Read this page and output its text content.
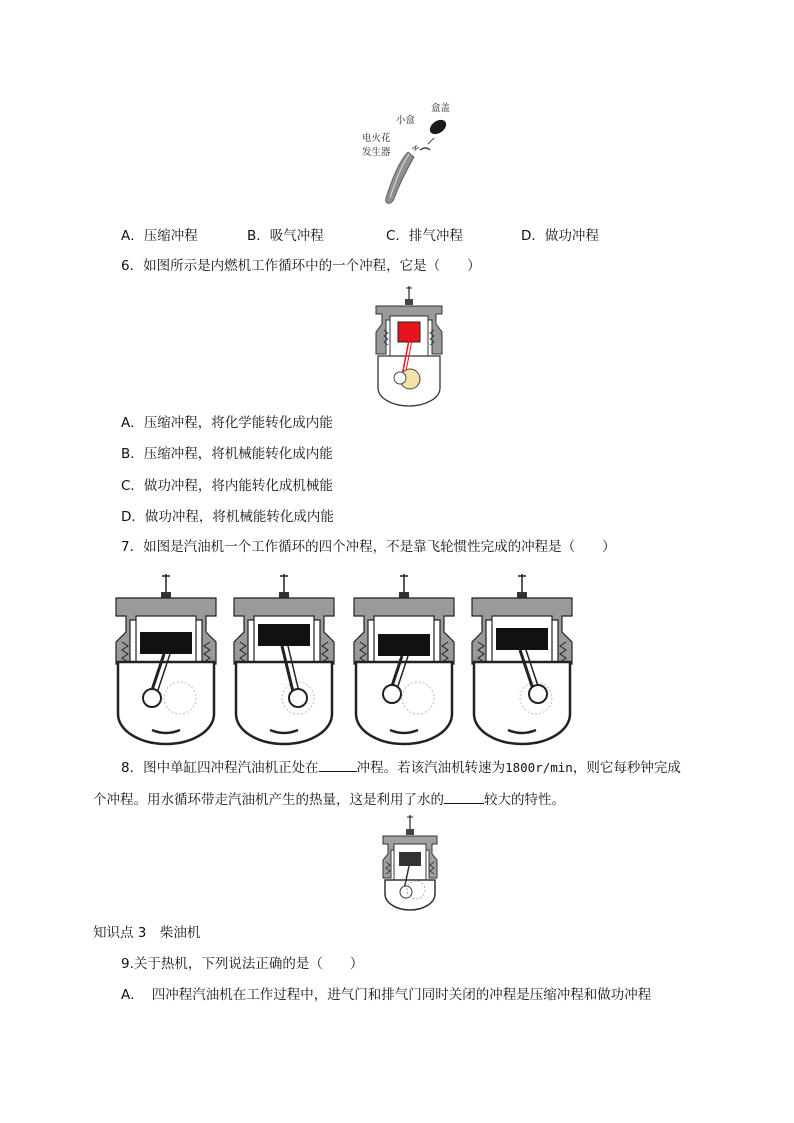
盒盖
小盒
电火花
发生器
A．压缩冲程	B．吸气冲程	C．排气冲程	D．做功冲程
6．如图所示是内燃机工作循环中的一个冲程，它是（　　）
A．压缩冲程，将化学能转化成内能
B．压缩冲程，将机械能转化成内能
C．做功冲程，将内能转化成机械能
D．做功冲程，将机械能转化成内能
7．如图是汽油机一个工作循环的四个冲程，不是靠飞轮惯性完成的冲程是（　　）
8．图中单缸四冲程汽油机正处在	冲程。若该汽油机转速为1800r/min，则它每秒钟完成
个冲程。用水循环带走汽油机产生的热量，这是利用了水的	较大的特性。
知识点 3　柴油机
9.关于热机，下列说法正确的是（　　）
A． 四冲程汽油机在工作过程中，进气门和排气门同时关闭的冲程是压缩冲程和做功冲程
